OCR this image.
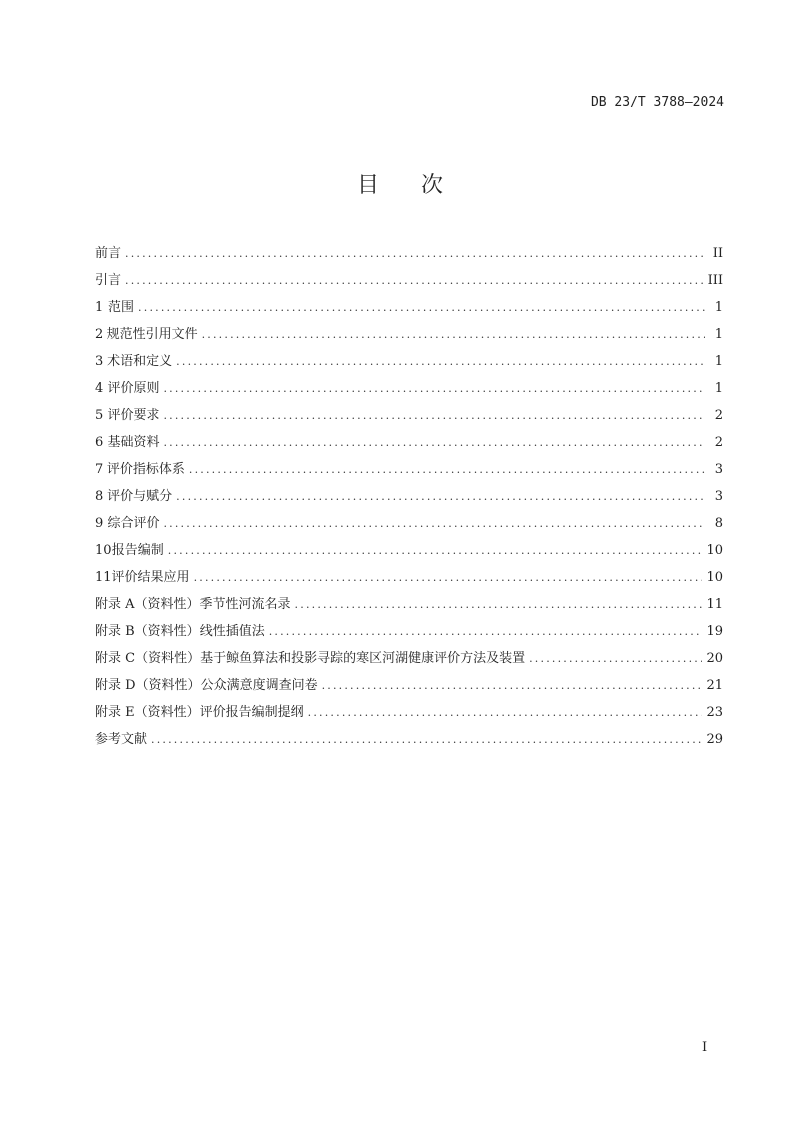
DB 23/T 3788—2024
目 次
前言 .....	II
引言 .....	III
1 范围 .....	1
2 规范性引用文件 .....	1
3 术语和定义 .....	1
4 评价原则 .....	1
5 评价要求 .....	2
6 基础资料 .....	2
7 评价指标体系 .....	3
8 评价与赋分 .....	3
9 综合评价 .....	8
10 报告编制 .....	10
11 评价结果应用 .....	10
附录 A（资料性） 季节性河流名录 .....	11
附录 B（资料性） 线性插值法 .....	19
附录 C（资料性） 基于鲸鱼算法和投影寻踪的寒区河湖健康评价方法及装置 .....	20
附录 D（资料性） 公众满意度调查问卷 .....	21
附录 E（资料性） 评价报告编制提纲 .....	23
参考文献 .....	29
I
